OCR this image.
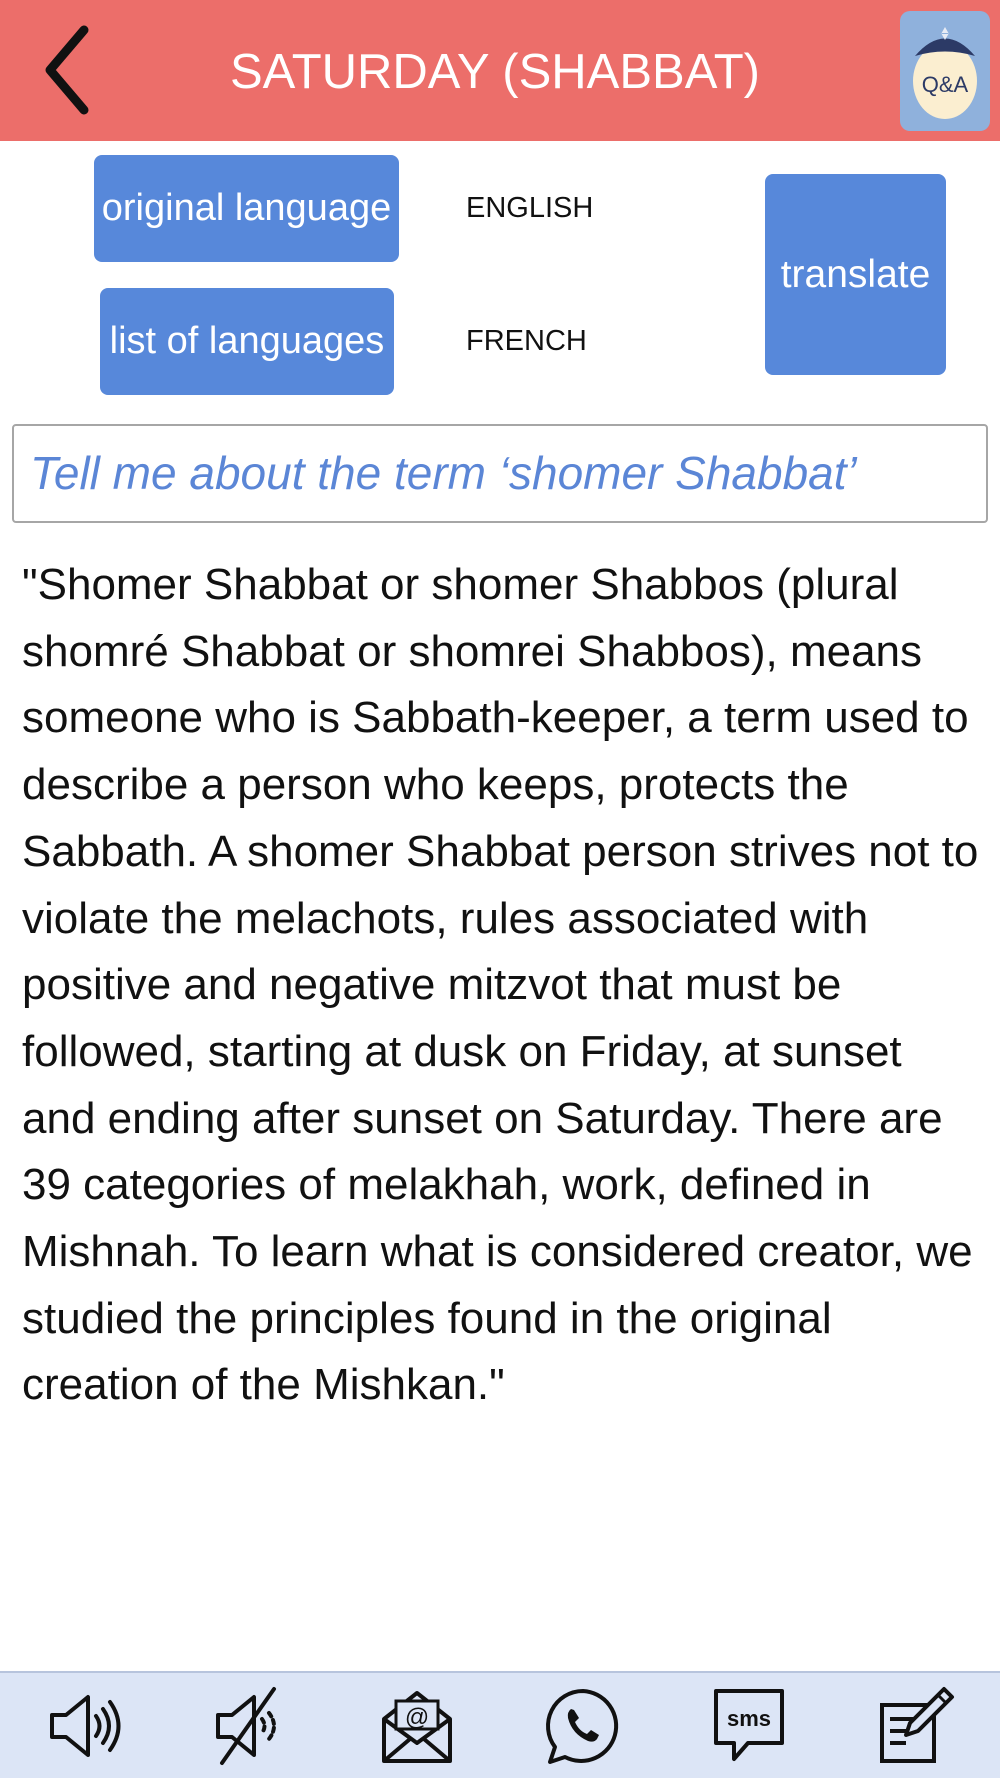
SATURDAY (SHABBAT)	Q&A
original language	ENGLISH
list of languages	FRENCH
translate
Tell me about the term ‘shomer Shabbat’
"Shomer Shabbat or shomer Shabbos (plural
shomré Shabbat or shomrei Shabbos), means
someone who is Sabbath-keeper, a term used to
describe a person who keeps, protects the
Sabbath. A shomer Shabbat person strives not to
violate the melachots, rules associated with
positive and negative mitzvot that must be
followed, starting at dusk on Friday, at sunset
and ending after sunset on Saturday. There are
39 categories of melakhah, work, defined in
Mishnah. To learn what is considered creator, we
studied the principles found in the original
creation of the Mishkan."
@	sms
